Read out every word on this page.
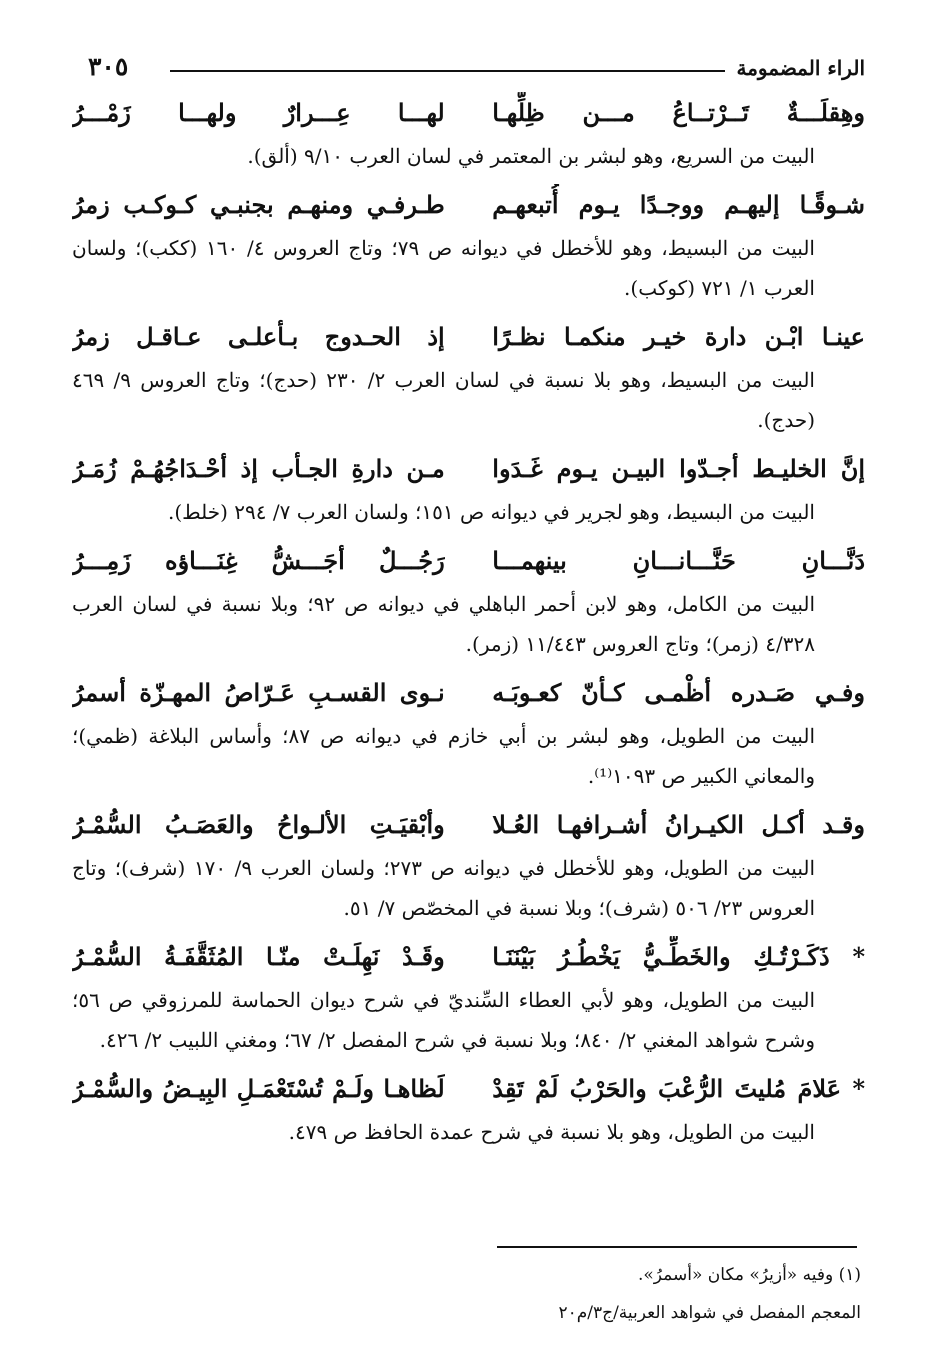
الراء المضمومة
٣٠٥
وهِقلَـــةٌ تَــرْتــاعُ مـــن ظِلِّهـا
لهـــا عِـــرارٌ ولهـــا زَمْـــرُ
البيت من السريع، وهو لبشر بن المعتمر في لسان العرب ٩/١٠ (ألق).
شـوقًـا إليهـم ووجـدًا يـوم أُتبعهـم
طـرفـي ومنهـم بجنبـي كـوكـب زمرُ
البيت من البسيط، وهو للأخطل في ديوانه ص ٧٩؛ وتاج العروس ٤/ ١٦٠ (ككب)؛ ولسان العرب ١/ ٧٢١ (كوكب).
عينـا ابْـن دارة خيـر منكمـا نظـرًا
إذ الحـدوج بـأعلـى عـاقـل زمرُ
البيت من البسيط، وهو بلا نسبة في لسان العرب ٢/ ٢٣٠ (حدج)؛ وتاج العروس ٩/ ٤٦٩ (حدج).
إنَّ الخليـط أجـدّوا البيـن يـوم غَـدَوا
مـن دارةِ الجـأب إذ أحْـدَاجُهُـمْ زُمَـرُ
البيت من البسيط، وهو لجرير في ديوانه ص ١٥١؛ ولسان العرب ٧/ ٢٩٤ (خلط).
دَنَّـــانِ حَنَّـــانـــانِ بينهمـــا
رَجُـــلٌ أجَـــشُّ غِنَـــاؤه زَمِـــرُ
البيت من الكامل، وهو لابن أحمر الباهلي في ديوانه ص ٩٢؛ وبلا نسبة في لسان العرب ٤/٣٢٨ (زمر)؛ وتاج العروس ١١/٤٤٣ (زمر).
وفـي صَـدره أظْمـى كـأنّ كعـوبَـه
نـوى القسـبِ عَـرّاصُ المهـزّة أسمرُ
البيت من الطويل، وهو لبشر بن أبي خازم في ديوانه ص ٨٧؛ وأساس البلاغة (ظمي)؛ والمعاني الكبير ص ١٠٩٣⁽¹⁾.
وقـد أكـل الكيـرانُ أشـرافهـا العُـلا
وأبْقيَـتِ الألـواحُ والعَصَـبُ السُّمْـرُ
البيت من الطويل، وهو للأخطل في ديوانه ص ٢٧٣؛ ولسان العرب ٩/ ١٧٠ (شرف)؛ وتاج العروس ٢٣/ ٥٠٦ (شرف)؛ وبلا نسبة في المخصّص ٧/ ٥١.
* ذَكَـرْتُـكِ والخَطِّـيُّ يَخْطُـرُ بَيْنَنَـا
وقَـدْ نَهِلَـتْ منّـا المُثَقَّفَـةُ السُّمْـرُ
البيت من الطويل، وهو لأبي العطاء السِّنديّ في شرح ديوان الحماسة للمرزوقي ص ٥٦؛ وشرح شواهد المغني ٢/ ٨٤٠؛ وبلا نسبة في شرح المفصل ٢/ ٦٧؛ ومغني اللبيب ٢/ ٤٢٦.
* عَلامَ مُليتَ الرُّعْبَ والحَرْبُ لَمْ تَقِدْ
لَظاهـا ولَـمْ تُسْتَعْمَـلِ البِيـضُ والسُّمْـرُ
البيت من الطويل، وهو بلا نسبة في شرح عمدة الحافظ ص ٤٧٩.
(١) وفيه «أزيرُ» مكان «أسمرُ».
المعجم المفصل في شواهد العربية/ج٣/م٢٠
